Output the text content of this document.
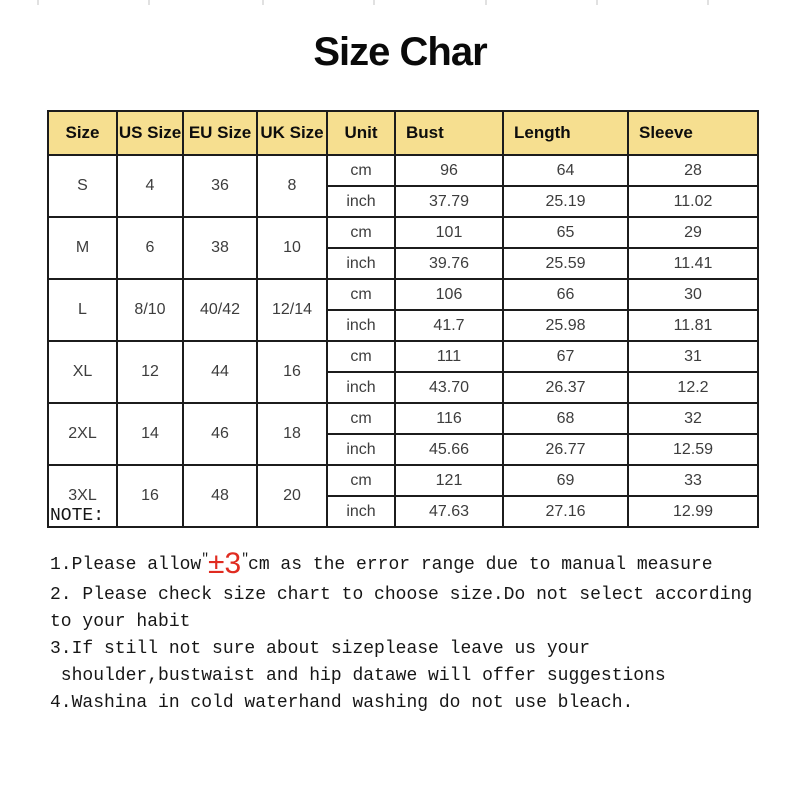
Size Char
Size	US Size	EU Size	UK Size	Unit	Bust	Length	Sleeve
S	4	36	8	cm	96	64	28
				inch	37.79	25.19	11.02
M	6	38	10	cm	101	65	29
				inch	39.76	25.59	11.41
L	8/10	40/42	12/14	cm	106	66	30
				inch	41.7	25.98	11.81
XL	12	44	16	cm	111	67	31
				inch	43.70	26.37	12.2
2XL	14	46	18	cm	116	68	32
				inch	45.66	26.77	12.59
3XL	16	48	20	cm	121	69	33
				inch	47.63	27.16	12.99
NOTE:
1.Please allow″±3″cm as the error range due to manual measure
2. Please check size chart to choose size.Do not select according
to your habit
3.If still not sure about sizeplease leave us your
shoulder,bustwaist and hip datawe will offer suggestions
4.Washina in cold waterhand washing do not use bleach.
